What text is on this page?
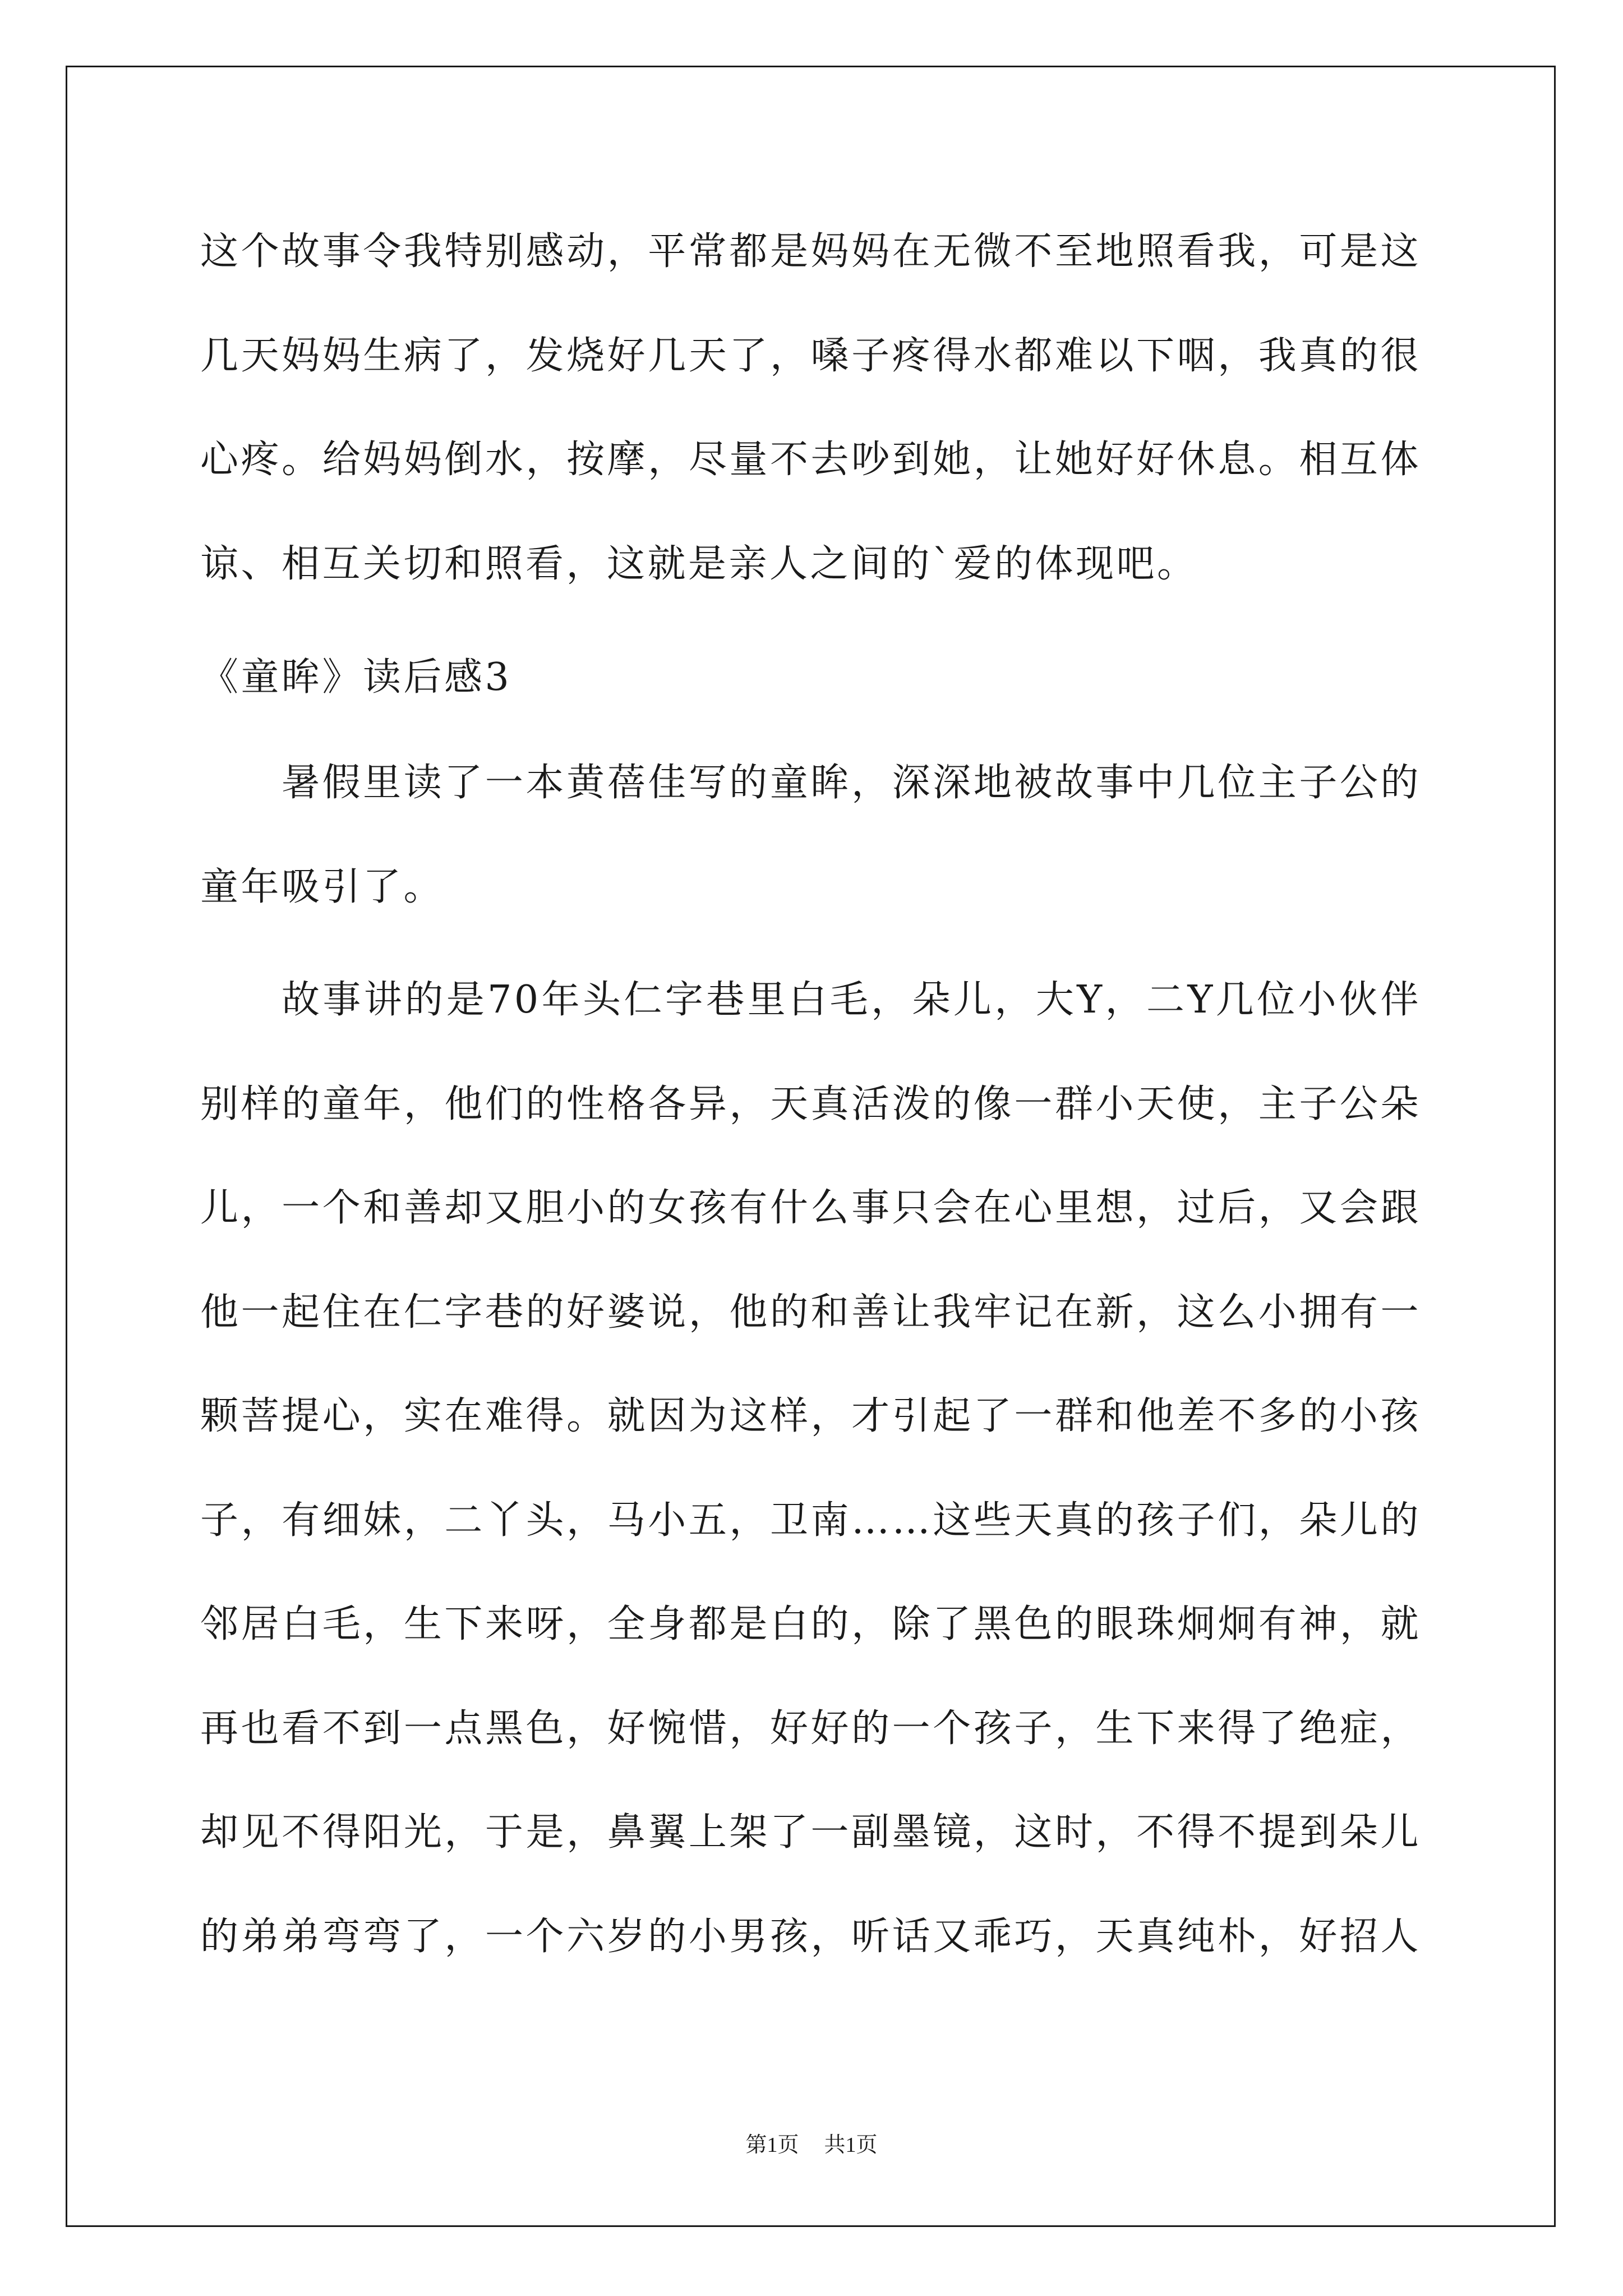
这个故事令我特别感动，平常都是妈妈在无微不至地照看我，可是这
几天妈妈生病了，发烧好几天了，嗓子疼得水都难以下咽，我真的很
心疼。给妈妈倒水，按摩，尽量不去吵到她，让她好好休息。相互体
谅、相互关切和照看，这就是亲人之间的`爱的体现吧。
《童眸》读后感3
暑假里读了一本黄蓓佳写的童眸，深深地被故事中几位主子公的
童年吸引了。
故事讲的是70年头仁字巷里白毛，朵儿，大Y，二Y几位小伙伴
别样的童年，他们的性格各异，天真活泼的像一群小天使，主子公朵
儿，一个和善却又胆小的女孩有什么事只会在心里想，过后，又会跟
他一起住在仁字巷的好婆说，他的和善让我牢记在新，这么小拥有一
颗菩提心，实在难得。就因为这样，才引起了一群和他差不多的小孩
子，有细妹，二丫头，马小五，卫南……这些天真的孩子们，朵儿的
邻居白毛，生下来呀，全身都是白的，除了黑色的眼珠炯炯有神，就
再也看不到一点黑色，好惋惜，好好的一个孩子，生下来得了绝症，
却见不得阳光，于是，鼻翼上架了一副墨镜，这时，不得不提到朵儿
的弟弟弯弯了，一个六岁的小男孩，听话又乖巧，天真纯朴，好招人
第1页 共1页
